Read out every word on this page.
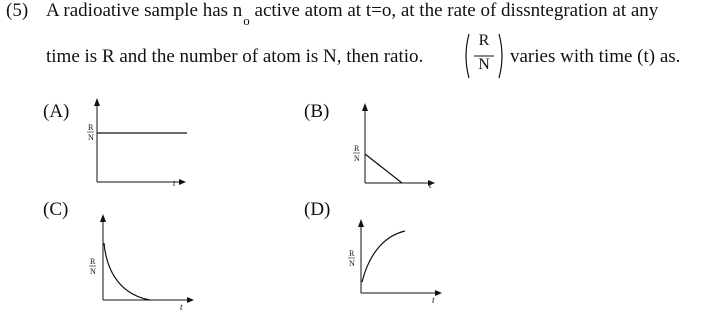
(5) A radioative sample has $n_o$ active atom at t=o, at the rate of dissntegration at any
time is R and the number of atom is N, then ratio.
R
N	varies with time (t) as.
(A)
R
N
t
(B)
R
N
t
(C)
R
N
t
(D)
R
N
t
